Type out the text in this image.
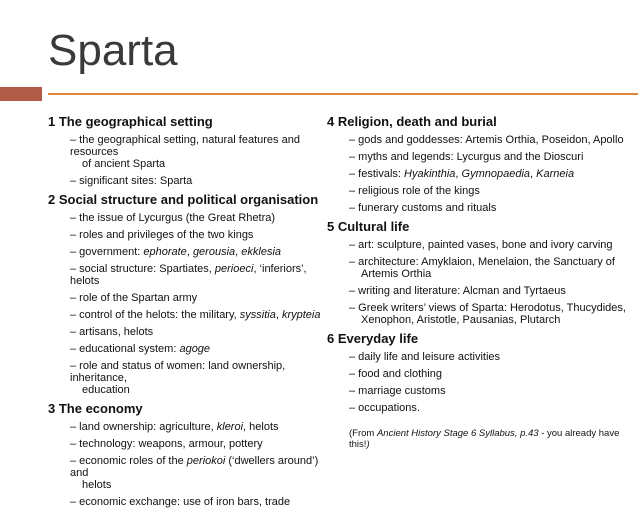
Sparta
1 The geographical setting
– the geographical setting, natural features and resources
of ancient Sparta
– significant sites: Sparta
2 Social structure and political organisation
– the issue of Lycurgus (the Great Rhetra)
– roles and privileges of the two kings
– government: ephorate, gerousia, ekklesia
– social structure: Spartiates, perioeci, ‘inferiors’, helots
– role of the Spartan army
– control of the helots: the military, syssitia, krypteia
– artisans, helots
– educational system: agoge
– role and status of women: land ownership, inheritance,
education
3 The economy
– land ownership: agriculture, kleroi, helots
– technology: weapons, armour, pottery
– economic roles of the periokoi (‘dwellers around’) and
helots
– economic exchange: use of iron bars, trade
4 Religion, death and burial
– gods and goddesses: Artemis Orthia, Poseidon, Apollo
– myths and legends: Lycurgus and the Dioscuri
– festivals: Hyakinthia, Gymnopaedia, Karneia
– religious role of the kings
– funerary customs and rituals
5 Cultural life
– art: sculpture, painted vases, bone and ivory carving
– architecture: Amyklaion, Menelaion, the Sanctuary of
Artemis Orthia
– writing and literature: Alcman and Tyrtaeus
– Greek writers’ views of Sparta: Herodotus, Thucydides,
Xenophon, Aristotle, Pausanias, Plutarch
6 Everyday life
– daily life and leisure activities
– food and clothing
– marriage customs
– occupations.
(From Ancient History Stage 6 Syllabus, p.43 - you already have this!)
